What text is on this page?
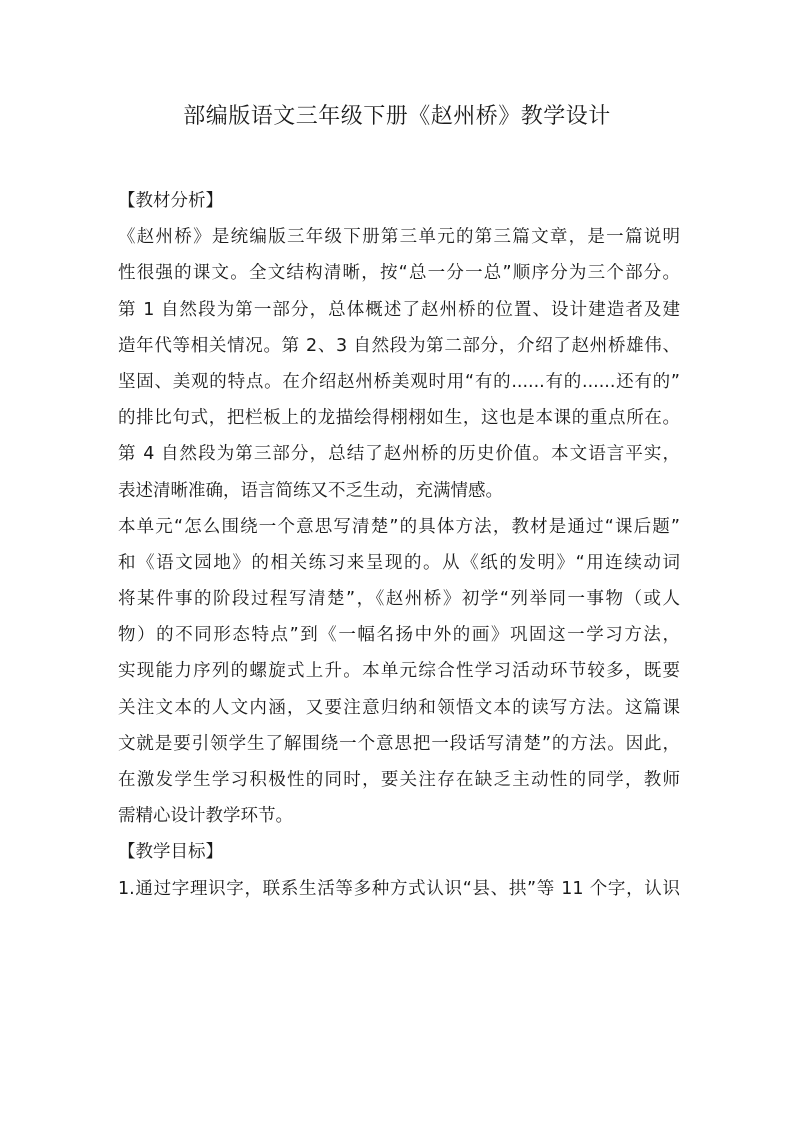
部编版语文三年级下册《赵州桥》教学设计
【教材分析】
《赵州桥》是统编版三年级下册第三单元的第三篇文章，是一篇说明
性很强的课文。全文结构清晰，按“总一分一总”顺序分为三个部分。
第 1 自然段为第一部分，总体概述了赵州桥的位置、设计建造者及建
造年代等相关情况。第 2、3 自然段为第二部分，介绍了赵州桥雄伟、
坚固、美观的特点。在介绍赵州桥美观时用“有的......有的......还有的”
的排比句式，把栏板上的龙描绘得栩栩如生，这也是本课的重点所在。
第 4 自然段为第三部分，总结了赵州桥的历史价值。本文语言平实，
表述清晰准确，语言简练又不乏生动，充满情感。
本单元“怎么围绕一个意思写清楚”的具体方法，教材是通过“课后题”
和《语文园地》的相关练习来呈现的。从《纸的发明》“用连续动词
将某件事的阶段过程写清楚”，《赵州桥》初学“列举同一事物（或人
物）的不同形态特点”到《一幅名扬中外的画》巩固这一学习方法，
实现能力序列的螺旋式上升。本单元综合性学习活动环节较多，既要
关注文本的人文内涵，又要注意归纳和领悟文本的读写方法。这篇课
文就是要引领学生了解围绕一个意思把一段话写清楚”的方法。因此，
在激发学生学习积极性的同时，要关注存在缺乏主动性的同学，教师
需精心设计教学环节。
【教学目标】
1.通过字理识字，联系生活等多种方式认识“县、拱”等 11 个字，认识
